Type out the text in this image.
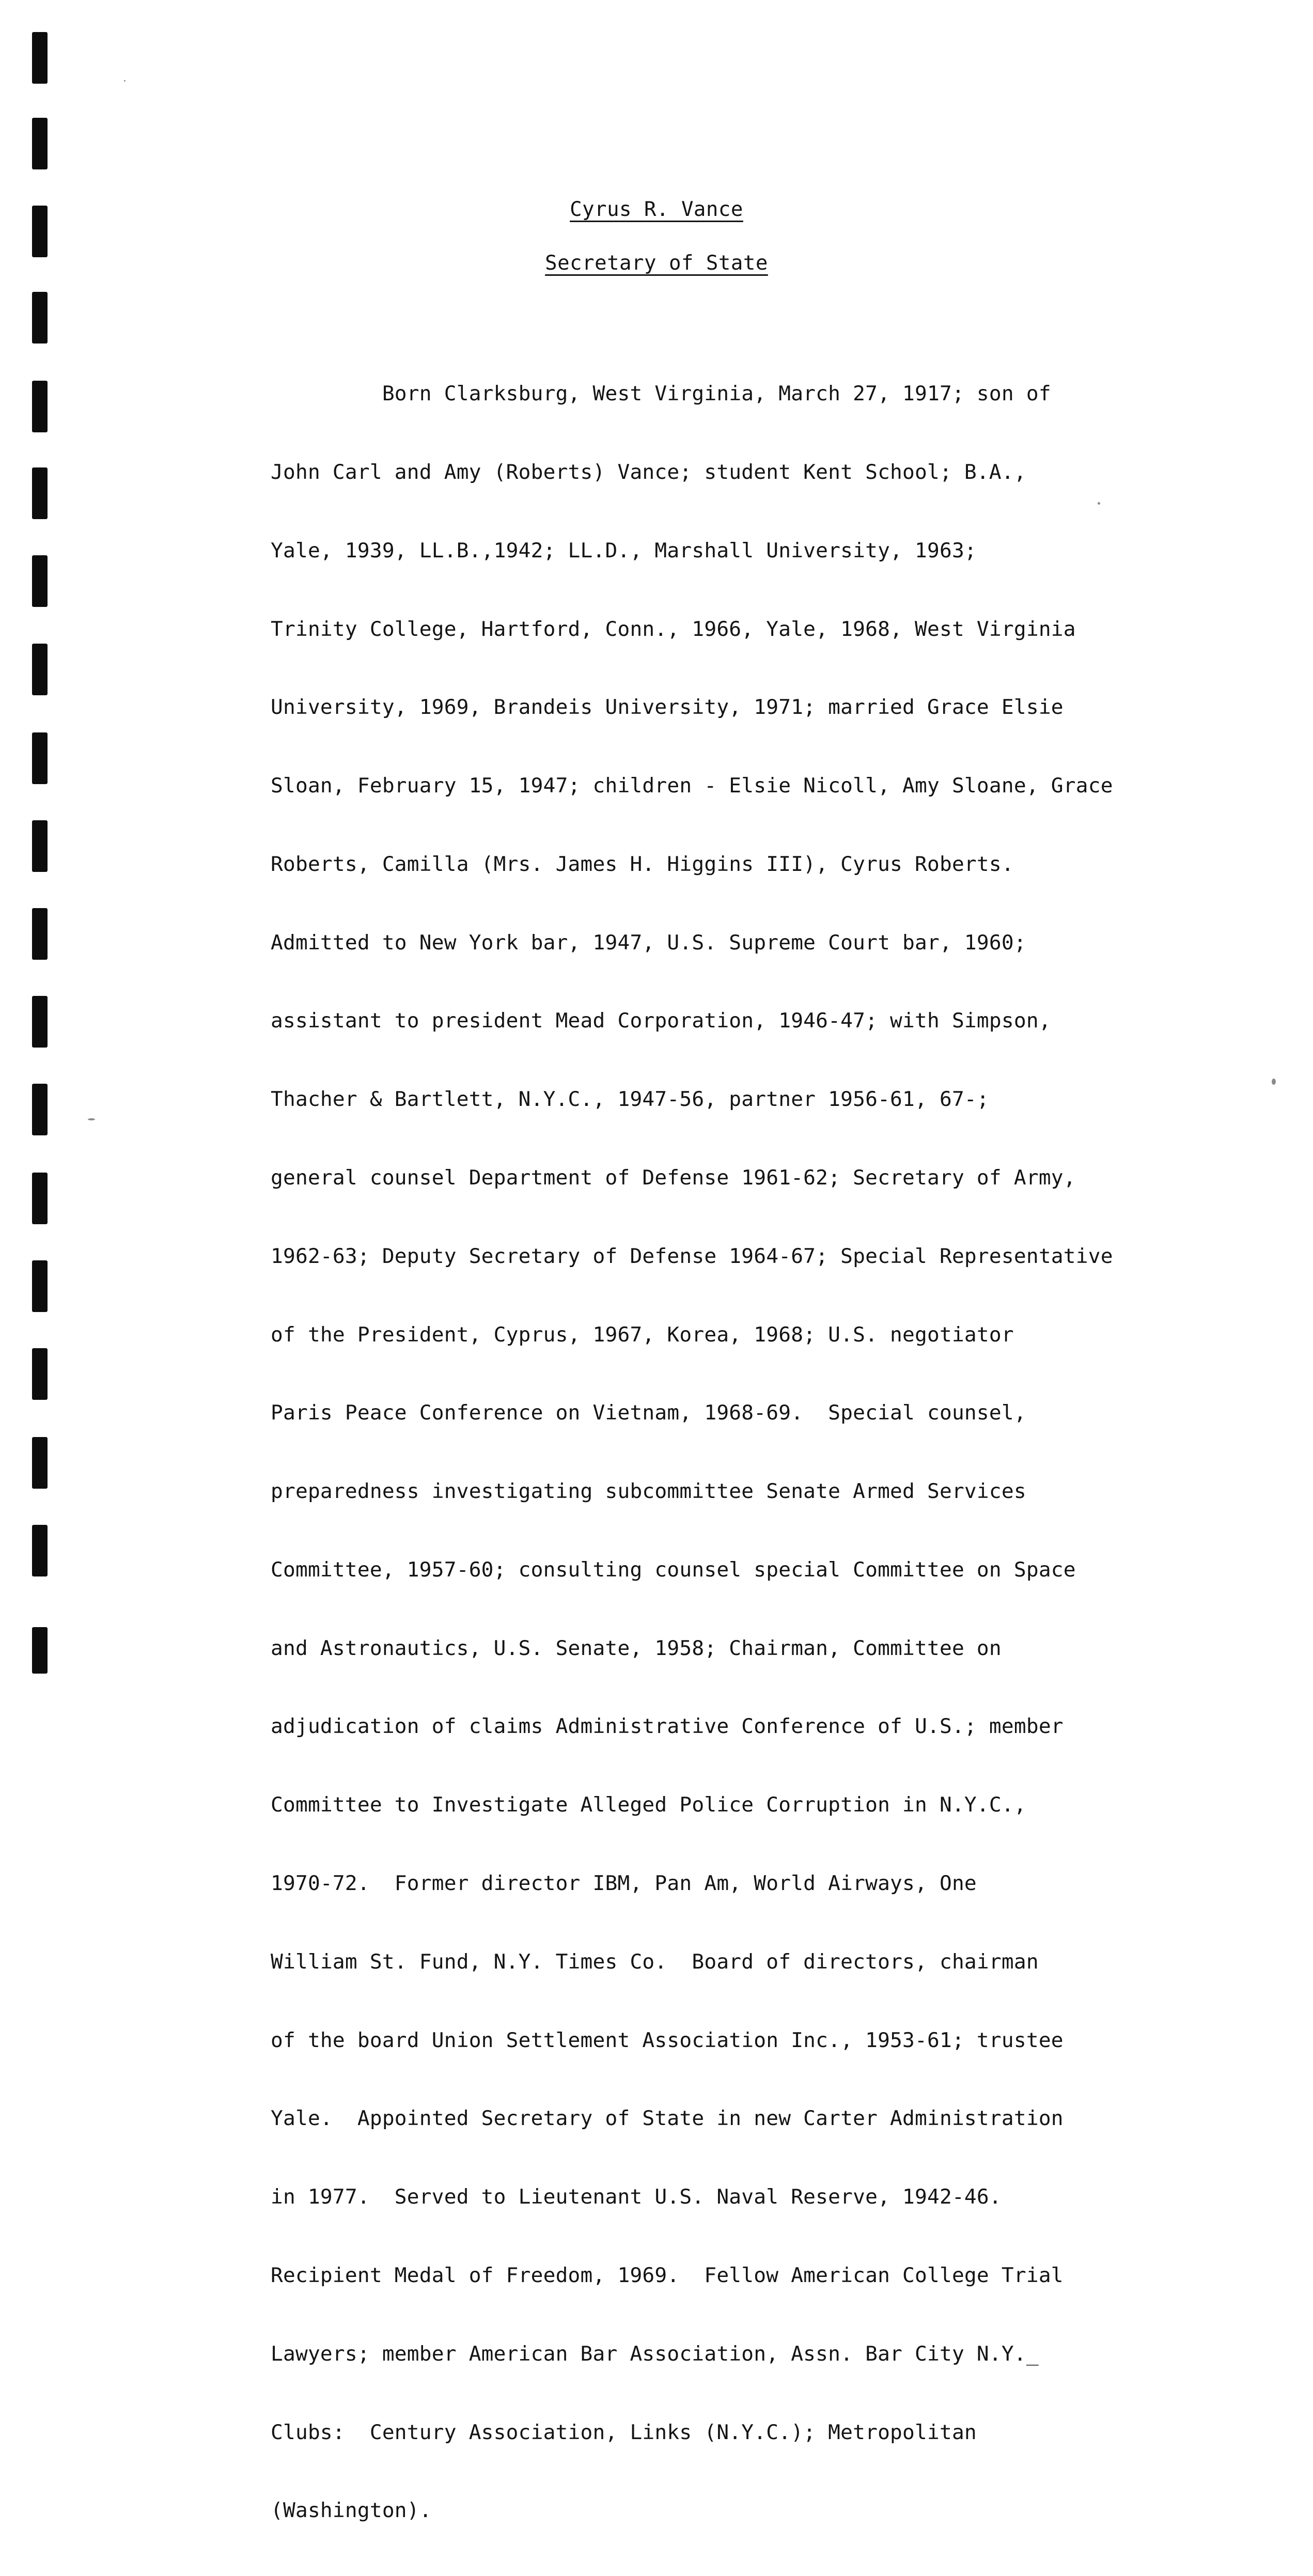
Cyrus R. Vance
Secretary of State

Born Clarksburg, West Virginia, March 27, 1917; son of

John Carl and Amy (Roberts) Vance; student Kent School; B.A.,

Yale, 1939, LL.B.,1942; LL.D., Marshall University, 1963;

Trinity College, Hartford, Conn., 1966, Yale, 1968, West Virginia

University, 1969, Brandeis University, 1971; married Grace Elsie

Sloan, February 15, 1947; children - Elsie Nicoll, Amy Sloane, Grace

Roberts, Camilla (Mrs. James H. Higgins III), Cyrus Roberts.

Admitted to New York bar, 1947, U.S. Supreme Court bar, 1960;

assistant to president Mead Corporation, 1946-47; with Simpson,

Thacher & Bartlett, N.Y.C., 1947-56, partner 1956-61, 67-;

general counsel Department of Defense 1961-62; Secretary of Army,

1962-63; Deputy Secretary of Defense 1964-67; Special Representative

of the President, Cyprus, 1967, Korea, 1968; U.S. negotiator

Paris Peace Conference on Vietnam, 1968-69.  Special counsel,

preparedness investigating subcommittee Senate Armed Services

Committee, 1957-60; consulting counsel special Committee on Space

and Astronautics, U.S. Senate, 1958; Chairman, Committee on

adjudication of claims Administrative Conference of U.S.; member

Committee to Investigate Alleged Police Corruption in N.Y.C.,

1970-72.  Former director IBM, Pan Am, World Airways, One

William St. Fund, N.Y. Times Co.  Board of directors, chairman

of the board Union Settlement Association Inc., 1953-61; trustee

Yale.  Appointed Secretary of State in new Carter Administration

in 1977.  Served to Lieutenant U.S. Naval Reserve, 1942-46.

Recipient Medal of Freedom, 1969.  Fellow American College Trial

Lawyers; member American Bar Association, Assn. Bar City N.Y._

Clubs:  Century Association, Links (N.Y.C.); Metropolitan

(Washington).
